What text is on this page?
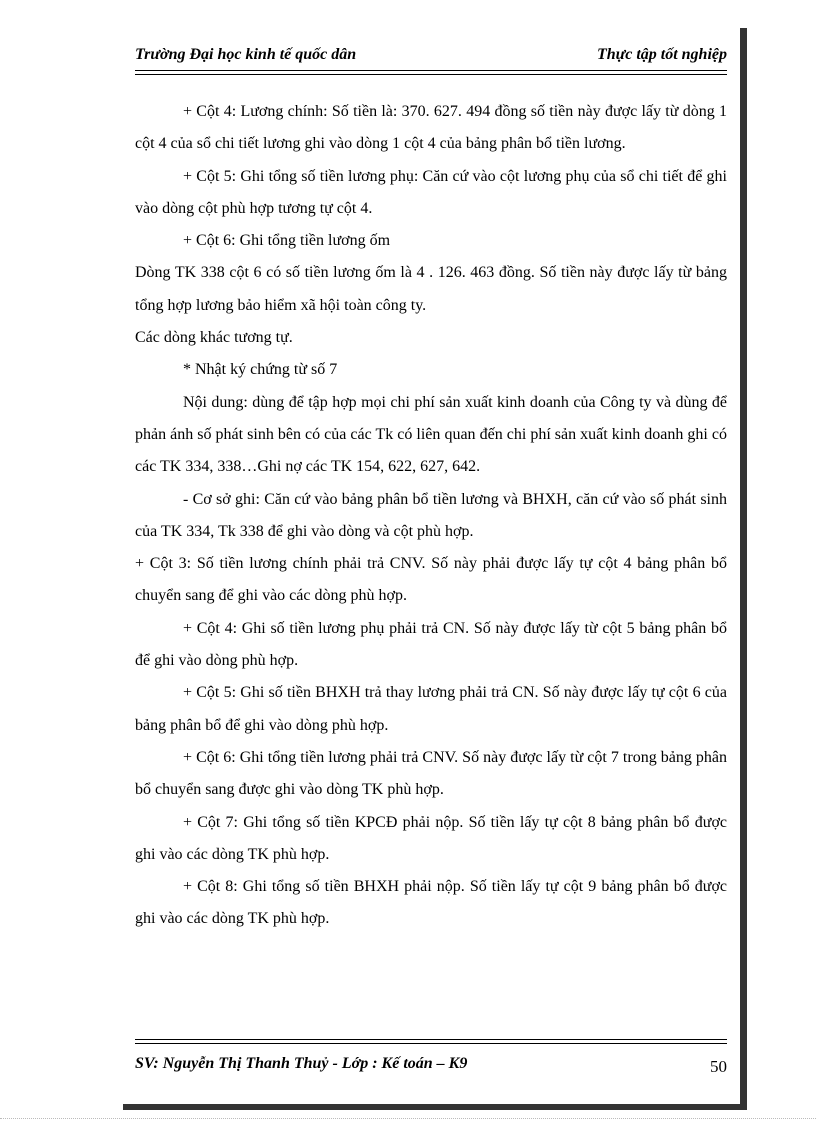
Trường Đại học kinh tế quốc dân	Thực tập tốt nghiệp

+ Cột 4: Lương chính: Số tiền là: 370. 627. 494 đồng số tiền này được lấy từ dòng 1 cột 4 của sổ chi tiết lương ghi vào dòng 1 cột 4 của bảng phân bổ tiền lương.

+ Cột 5: Ghi tổng số tiền lương phụ: Căn cứ vào cột lương phụ của sổ chi tiết để ghi vào dòng cột phù hợp tương tự cột 4.

+ Cột 6: Ghi tổng tiền lương ốm

Dòng TK 338 cột 6 có số tiền lương ốm là 4 . 126. 463 đồng. Số tiền này được lấy từ bảng tổng hợp lương bảo hiểm xã hội toàn công ty.

Các dòng khác tương tự.

* Nhật ký chứng từ số 7

Nội dung: dùng để tập hợp mọi chi phí sản xuất kinh doanh của Công ty và dùng để phản ánh số phát sinh bên có của các Tk có liên quan đến chi phí sản xuất kinh doanh ghi có các TK 334, 338…Ghi nợ các TK 154, 622, 627, 642.

- Cơ sở ghi: Căn cứ vào bảng phân bổ tiền lương và BHXH, căn cứ vào số phát sinh của TK 334, Tk 338 để ghi vào dòng và cột phù hợp.

+ Cột 3: Số tiền lương chính phải trả CNV. Số này phải được lấy tự cột 4 bảng phân bổ chuyển sang để ghi vào các dòng phù hợp.

+ Cột 4: Ghi số tiền lương phụ phải trả CN. Số này được lấy từ cột 5 bảng phân bổ để ghi vào dòng phù hợp.

+ Cột 5: Ghi số tiền BHXH trả thay lương phải trả CN. Số này được lấy tự cột 6 của bảng phân bổ để ghi vào dòng phù hợp.

+ Cột 6: Ghi tổng tiền lương phải trả CNV. Số này được lấy từ cột 7 trong bảng phân bổ chuyển sang được ghi vào dòng TK phù hợp.

+ Cột 7: Ghi tổng số tiền KPCĐ phải nộp. Số tiền lấy tự cột 8 bảng phân bổ được ghi vào các dòng TK phù hợp.

+ Cột 8: Ghi tổng số tiền BHXH phải nộp. Số tiền lấy tự cột 9 bảng phân bổ được ghi vào các dòng TK phù hợp.

SV: Nguyễn Thị Thanh Thuỷ - Lớp : Kế toán – K9	50
